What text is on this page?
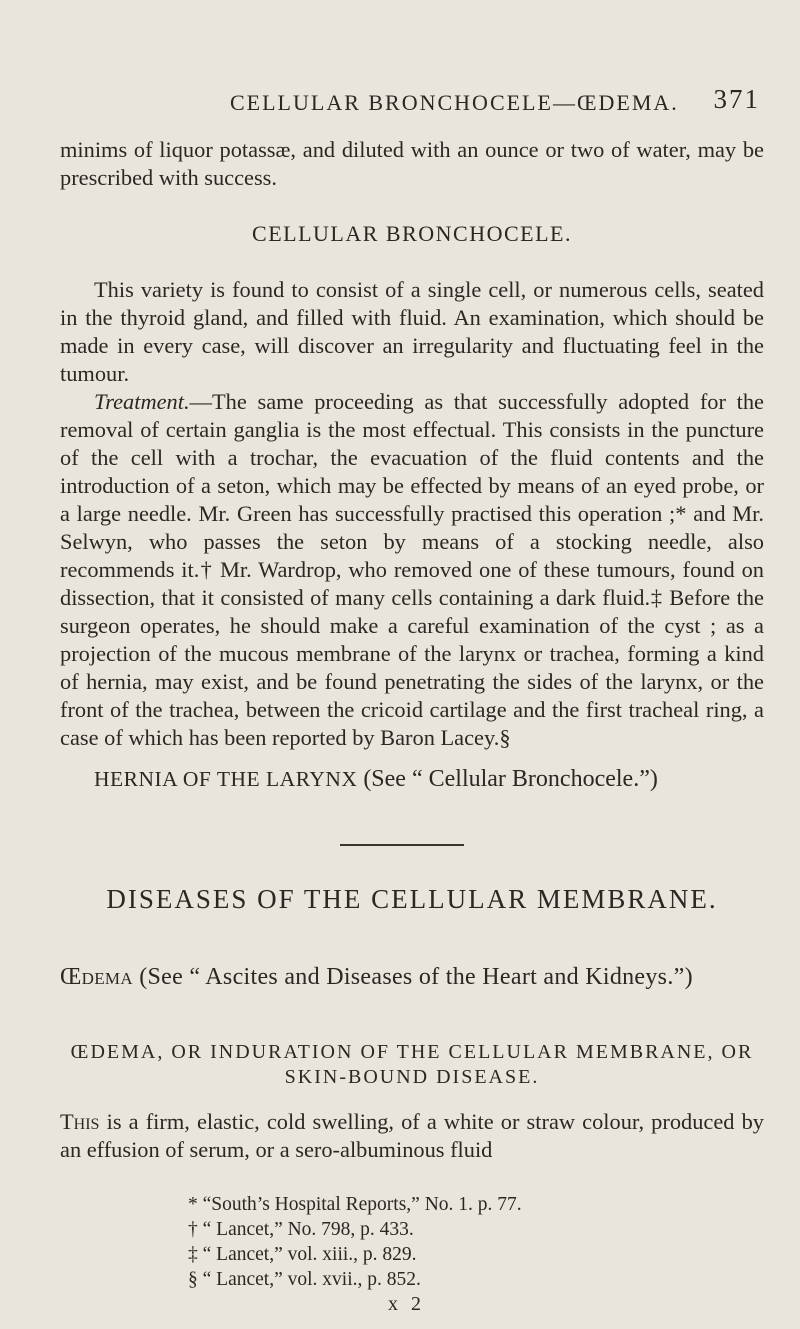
CELLULAR BRONCHOCELE—ŒDEMA. 371
minims of liquor potassæ, and diluted with an ounce or two of water, may be prescribed with success.
CELLULAR BRONCHOCELE.
This variety is found to consist of a single cell, or numerous cells, seated in the thyroid gland, and filled with fluid. An examination, which should be made in every case, will discover an irregularity and fluctuating feel in the tumour.
Treatment.—The same proceeding as that successfully adopted for the removal of certain ganglia is the most effectual. This consists in the puncture of the cell with a trochar, the evacuation of the fluid contents and the introduction of a seton, which may be effected by means of an eyed probe, or a large needle. Mr. Green has successfully practised this operation ;* and Mr. Selwyn, who passes the seton by means of a stocking needle, also recommends it.† Mr. Wardrop, who removed one of these tumours, found on dissection, that it consisted of many cells containing a dark fluid.‡ Before the surgeon operates, he should make a careful examination of the cyst ; as a projection of the mucous membrane of the larynx or trachea, forming a kind of hernia, may exist, and be found penetrating the sides of the larynx, or the front of the trachea, between the cricoid cartilage and the first tracheal ring, a case of which has been reported by Baron Lacey.§
HERNIA OF THE LARYNX (See “ Cellular Bronchocele.”)
DISEASES OF THE CELLULAR MEMBRANE.
Œdema (See “ Ascites and Diseases of the Heart and Kidneys.”)
ŒDEMA, OR INDURATION OF THE CELLULAR MEMBRANE, OR SKIN-BOUND DISEASE.
This is a firm, elastic, cold swelling, of a white or straw colour, produced by an effusion of serum, or a sero-albuminous fluid
* “South’s Hospital Reports,” No. 1. p. 77.
† “ Lancet,” No. 798, p. 433.
‡ “ Lancet,” vol. xiii., p. 829.
§ “ Lancet,” vol. xvii., p. 852.
x 2
